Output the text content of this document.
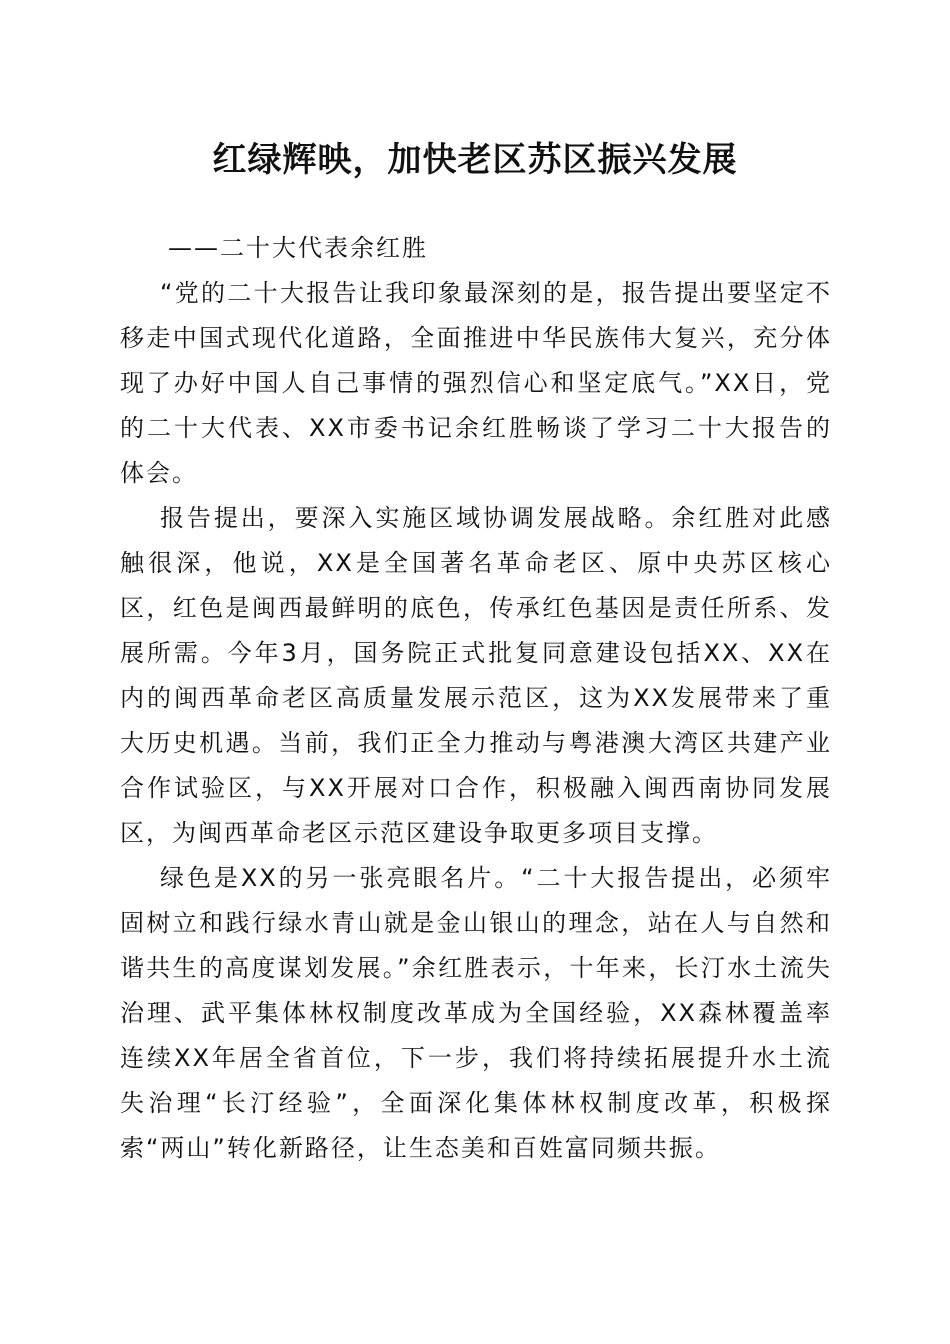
红绿辉映，加快老区苏区振兴发展

——二十大代表余红胜

“党的二十大报告让我印象最深刻的是，报告提出要坚定不移走中国式现代化道路，全面推进中华民族伟大复兴，充分体现了办好中国人自己事情的强烈信心和坚定底气。”XX日，党的二十大代表、XX市委书记余红胜畅谈了学习二十大报告的体会。

报告提出，要深入实施区域协调发展战略。余红胜对此感触很深，他说，XX是全国著名革命老区、原中央苏区核心区，红色是闽西最鲜明的底色，传承红色基因是责任所系、发展所需。今年3月，国务院正式批复同意建设包括XX、XX在内的闽西革命老区高质量发展示范区，这为XX发展带来了重大历史机遇。当前，我们正全力推动与粤港澳大湾区共建产业合作试验区，与XX开展对口合作，积极融入闽西南协同发展区，为闽西革命老区示范区建设争取更多项目支撑。

绿色是XX的另一张亮眼名片。“二十大报告提出，必须牢固树立和践行绿水青山就是金山银山的理念，站在人与自然和谐共生的高度谋划发展。”余红胜表示，十年来，长汀水土流失治理、武平集体林权制度改革成为全国经验，XX森林覆盖率连续XX年居全省首位，下一步，我们将持续拓展提升水土流失治理“长汀经验”，全面深化集体林权制度改革，积极探索“两山”转化新路径，让生态美和百姓富同频共振。
